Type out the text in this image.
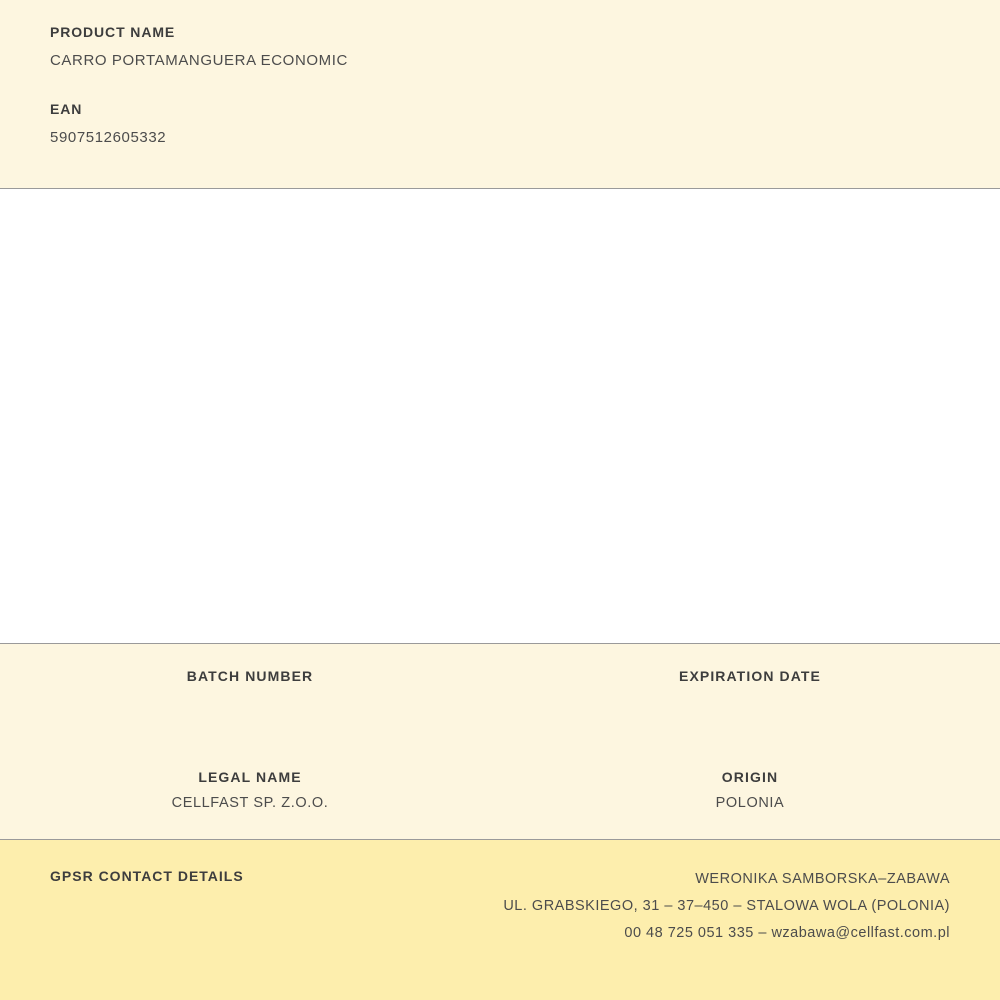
PRODUCT NAME

CARRO PORTAMANGUERA ECONOMIC

EAN

5907512605332

BATCH NUMBER	EXPIRATION DATE

LEGAL NAME

CELLFAST SP. Z.O.O.

ORIGIN

POLONIA

GPSR CONTACT DETAILS	WERONIKA SAMBORSKA–ZABAWA
UL. GRABSKIEGO, 31 – 37–450 – STALOWA WOLA (POLONIA)
00 48 725 051 335 – wzabawa@cellfast.com.pl
